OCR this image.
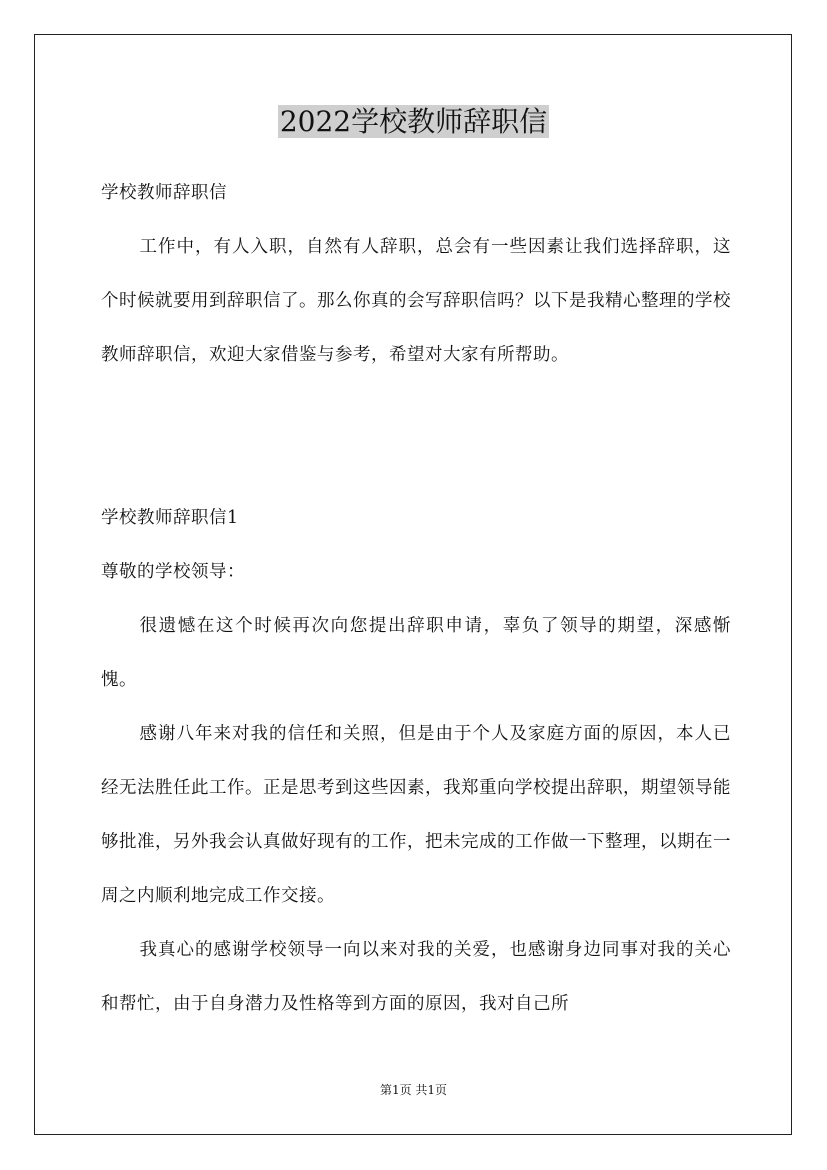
2022学校教师辞职信

学校教师辞职信

工作中，有人入职，自然有人辞职，总会有一些因素让我们选择辞职，这个时候就要用到辞职信了。那么你真的会写辞职信吗？以下是我精心整理的学校教师辞职信，欢迎大家借鉴与参考，希望对大家有所帮助。

学校教师辞职信1

尊敬的学校领导：

很遗憾在这个时候再次向您提出辞职申请，辜负了领导的期望，深感惭愧。

感谢八年来对我的信任和关照，但是由于个人及家庭方面的原因，本人已经无法胜任此工作。正是思考到这些因素，我郑重向学校提出辞职，期望领导能够批准，另外我会认真做好现有的工作，把未完成的工作做一下整理，以期在一周之内顺利地完成工作交接。

我真心的感谢学校领导一向以来对我的关爱，也感谢身边同事对我的关心和帮忙，由于自身潜力及性格等到方面的原因，我对自己所

第1页 共1页
